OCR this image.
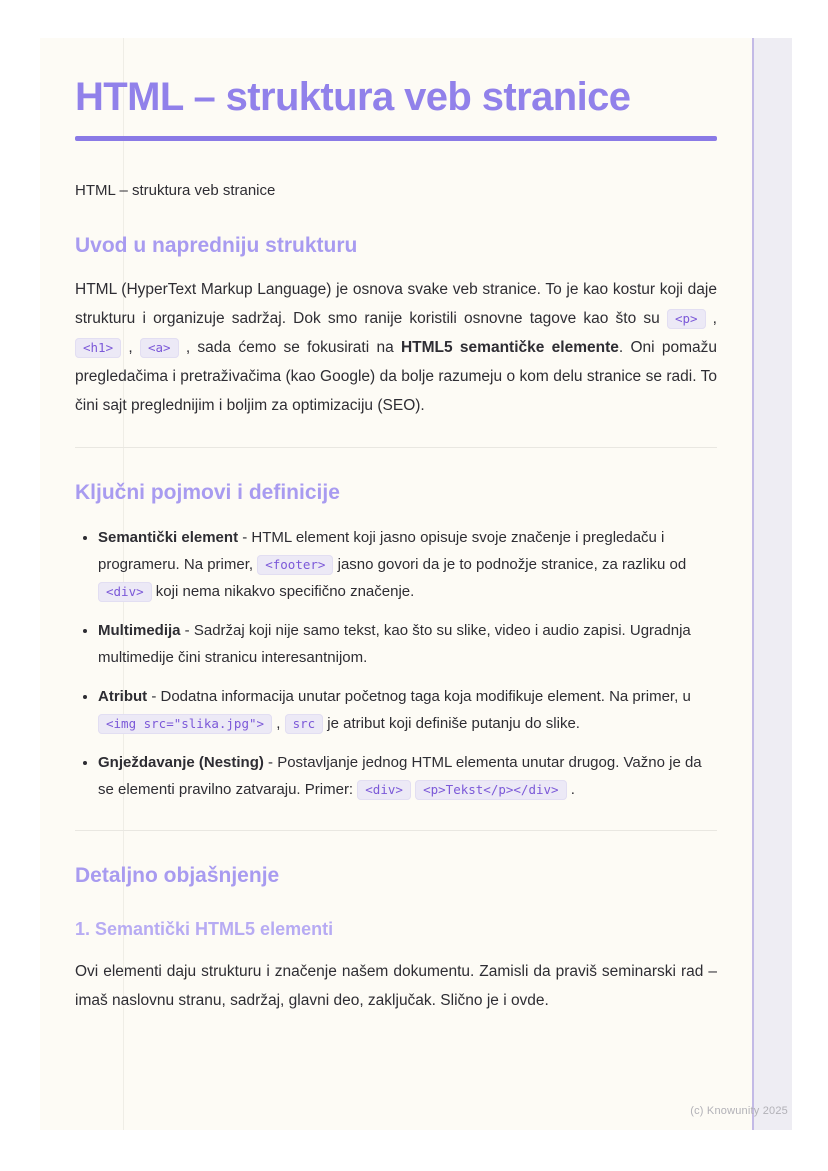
HTML – struktura veb stranice

HTML – struktura veb stranice

Uvod u napredniju strukturu

HTML (HyperText Markup Language) je osnova svake veb stranice. To je kao kostur koji daje strukturu i organizuje sadržaj. Dok smo ranije koristili osnovne tagove kao što su <p> , <h1> , <a> , sada ćemo se fokusirati na HTML5 semantičke elemente. Oni pomažu pregledačima i pretraživačima (kao Google) da bolje razumeju o kom delu stranice se radi. To čini sajt preglednijim i boljim za optimizaciju (SEO).

Ključni pojmovi i definicije
• Semantički element - HTML element koji jasno opisuje svoje značenje i pregledaču i programeru. Na primer, <footer> jasno govori da je to podnožje stranice, za razliku od <div> koji nema nikakvo specifično značenje.
• Multimedija - Sadržaj koji nije samo tekst, kao što su slike, video i audio zapisi. Ugradnja multimedije čini stranicu interesantnijom.
• Atribut - Dodatna informacija unutar početnog taga koja modifikuje element. Na primer, u <img src="slika.jpg"> , src je atribut koji definiše putanju do slike.
• Gnježdavanje (Nesting) - Postavljanje jednog HTML elementa unutar drugog. Važno je da se elementi pravilno zatvaraju. Primer: <div> <p>Tekst</p></div> .
Detaljno objašnjenje
1. Semantički HTML5 elementi

Ovi elementi daju strukturu i značenje našem dokumentu. Zamisli da praviš seminarski rad – imaš naslovnu stranu, sadržaj, glavni deo, zaključak. Slično je i ovde.

(c) Knowunity 2025
